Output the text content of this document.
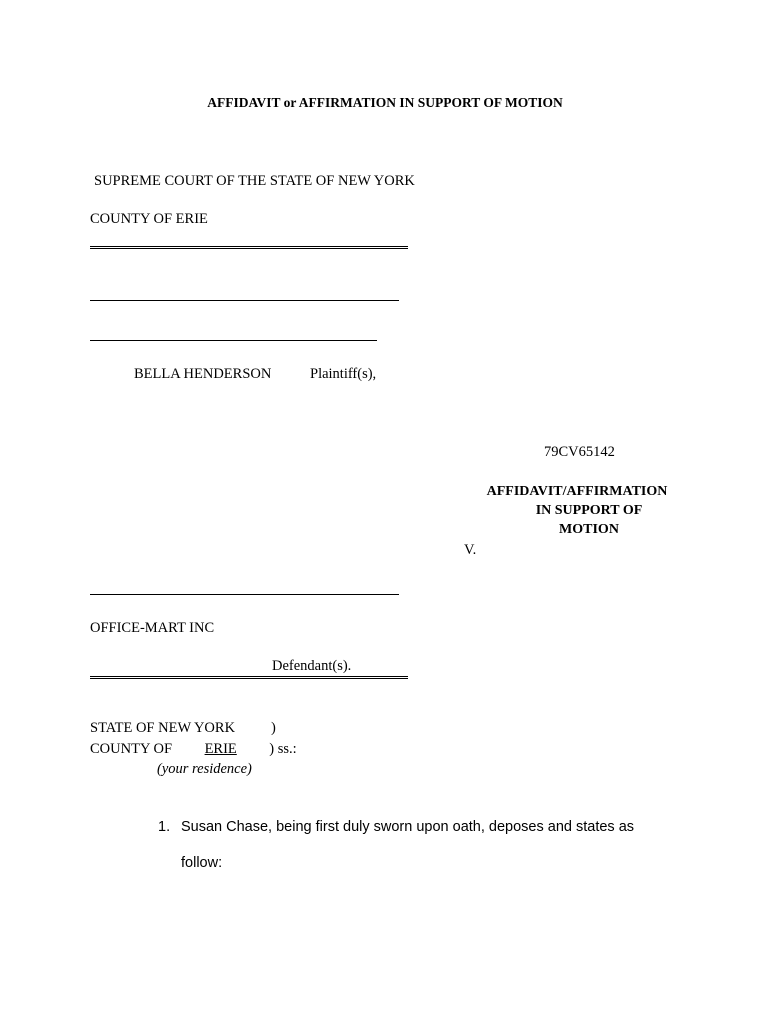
AFFIDAVIT or AFFIRMATION IN SUPPORT OF MOTION
SUPREME COURT OF THE STATE OF NEW YORK
COUNTY OF ERIE
BELLA HENDERSON	Plaintiff(s),
79CV65142
AFFIDAVIT/AFFIRMATION
IN SUPPORT OF
MOTION
V.
OFFICE-MART INC
Defendant(s).
STATE OF NEW YORK )
COUNTY OF ERIE ) ss.:
(your residence)
1. Susan Chase, being first duly sworn upon oath, deposes and states as
follow:
